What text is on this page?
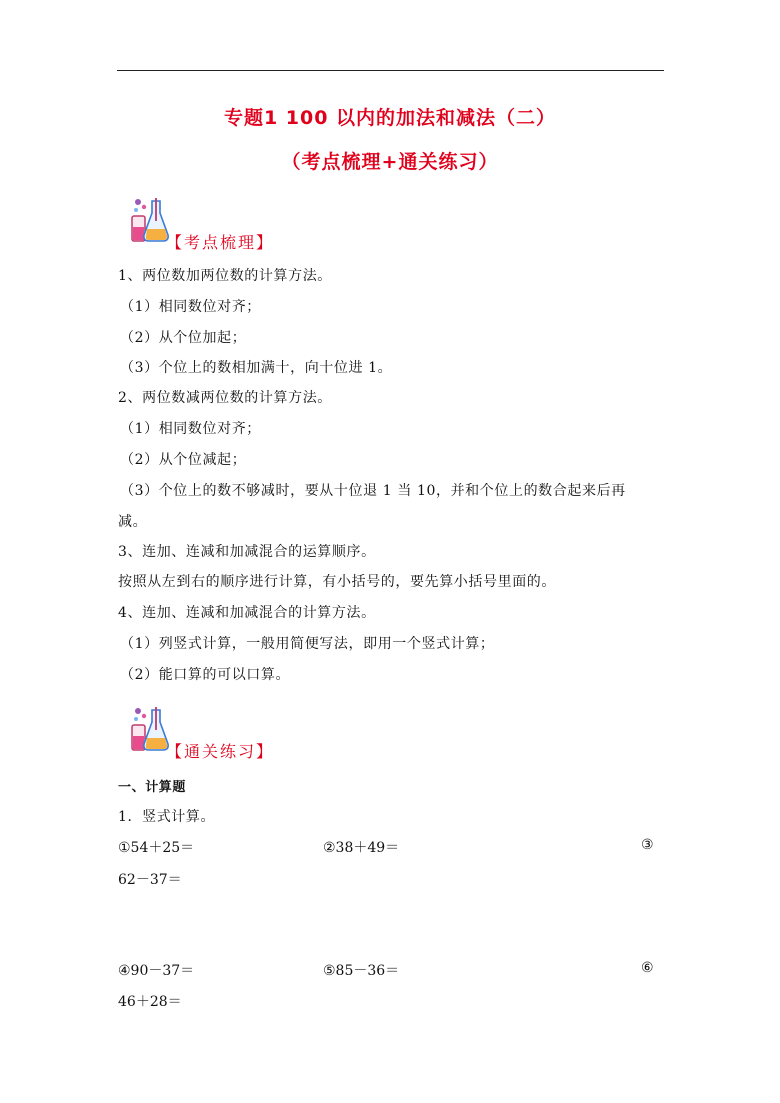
专题1 100 以内的加法和减法（二）
（考点梳理+通关练习）
【考点梳理】
1、两位数加两位数的计算方法。
（1）相同数位对齐；
（2）从个位加起；
（3）个位上的数相加满十，向十位进 1。
2、两位数减两位数的计算方法。
（1）相同数位对齐；
（2）从个位减起；
（3）个位上的数不够减时，要从十位退 1 当 10，并和个位上的数合起来后再
减。
3、连加、连减和加减混合的运算顺序。
按照从左到右的顺序进行计算，有小括号的，要先算小括号里面的。
4、连加、连减和加减混合的计算方法。
（1）列竖式计算，一般用简便写法，即用一个竖式计算；
（2）能口算的可以口算。
【通关练习】
一、计算题
1．竖式计算。
①54＋25＝	②38＋49＝	③
62－37＝
④90－37＝	⑤85－36＝	⑥
46＋28＝
